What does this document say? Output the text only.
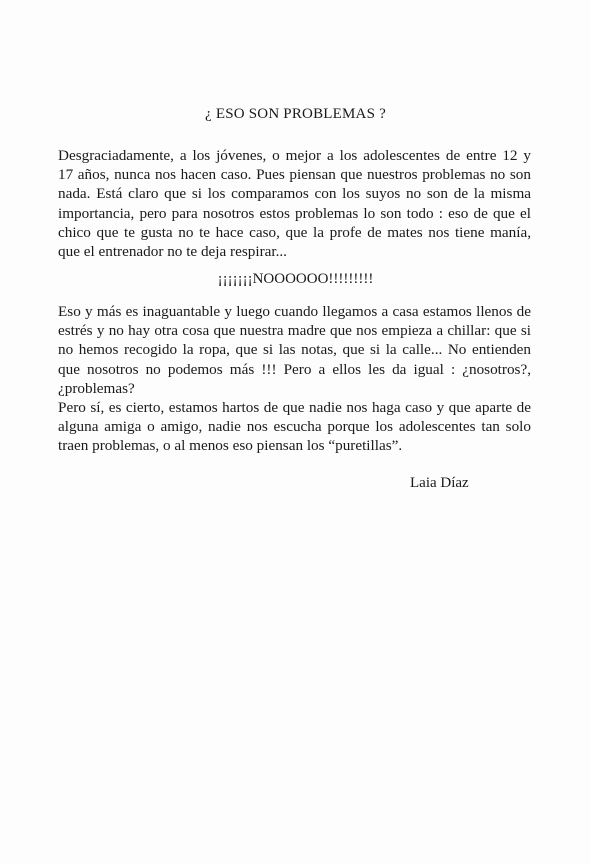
¿ ESO SON PROBLEMAS ?
Desgraciadamente, a los jóvenes, o mejor a los adolescentes de entre 12 y
17 años, nunca nos hacen caso. Pues piensan que nuestros problemas no son
nada. Está claro que si los comparamos con los suyos no son de la misma
importancia, pero para nosotros estos problemas lo son todo : eso de que el
chico que te gusta no te hace caso, que la profe de mates nos tiene manía,
que el entrenador no te deja respirar...
¡¡¡¡¡¡¡NOOOOOO!!!!!!!!!
Eso y más es inaguantable y luego cuando llegamos a casa estamos llenos de
estrés y no hay otra cosa que nuestra madre que nos empieza a chillar: que si
no hemos recogido la ropa, que si las notas, que si la calle... No entienden
que nosotros no podemos más !!! Pero a ellos les da igual : ¿nosotros?,
¿problemas?
Pero sí, es cierto, estamos hartos de que nadie nos haga caso y que aparte de
alguna amiga o amigo, nadie nos escucha porque los adolescentes tan solo
traen problemas, o al menos eso piensan los “puretillas”.
Laia Díaz
